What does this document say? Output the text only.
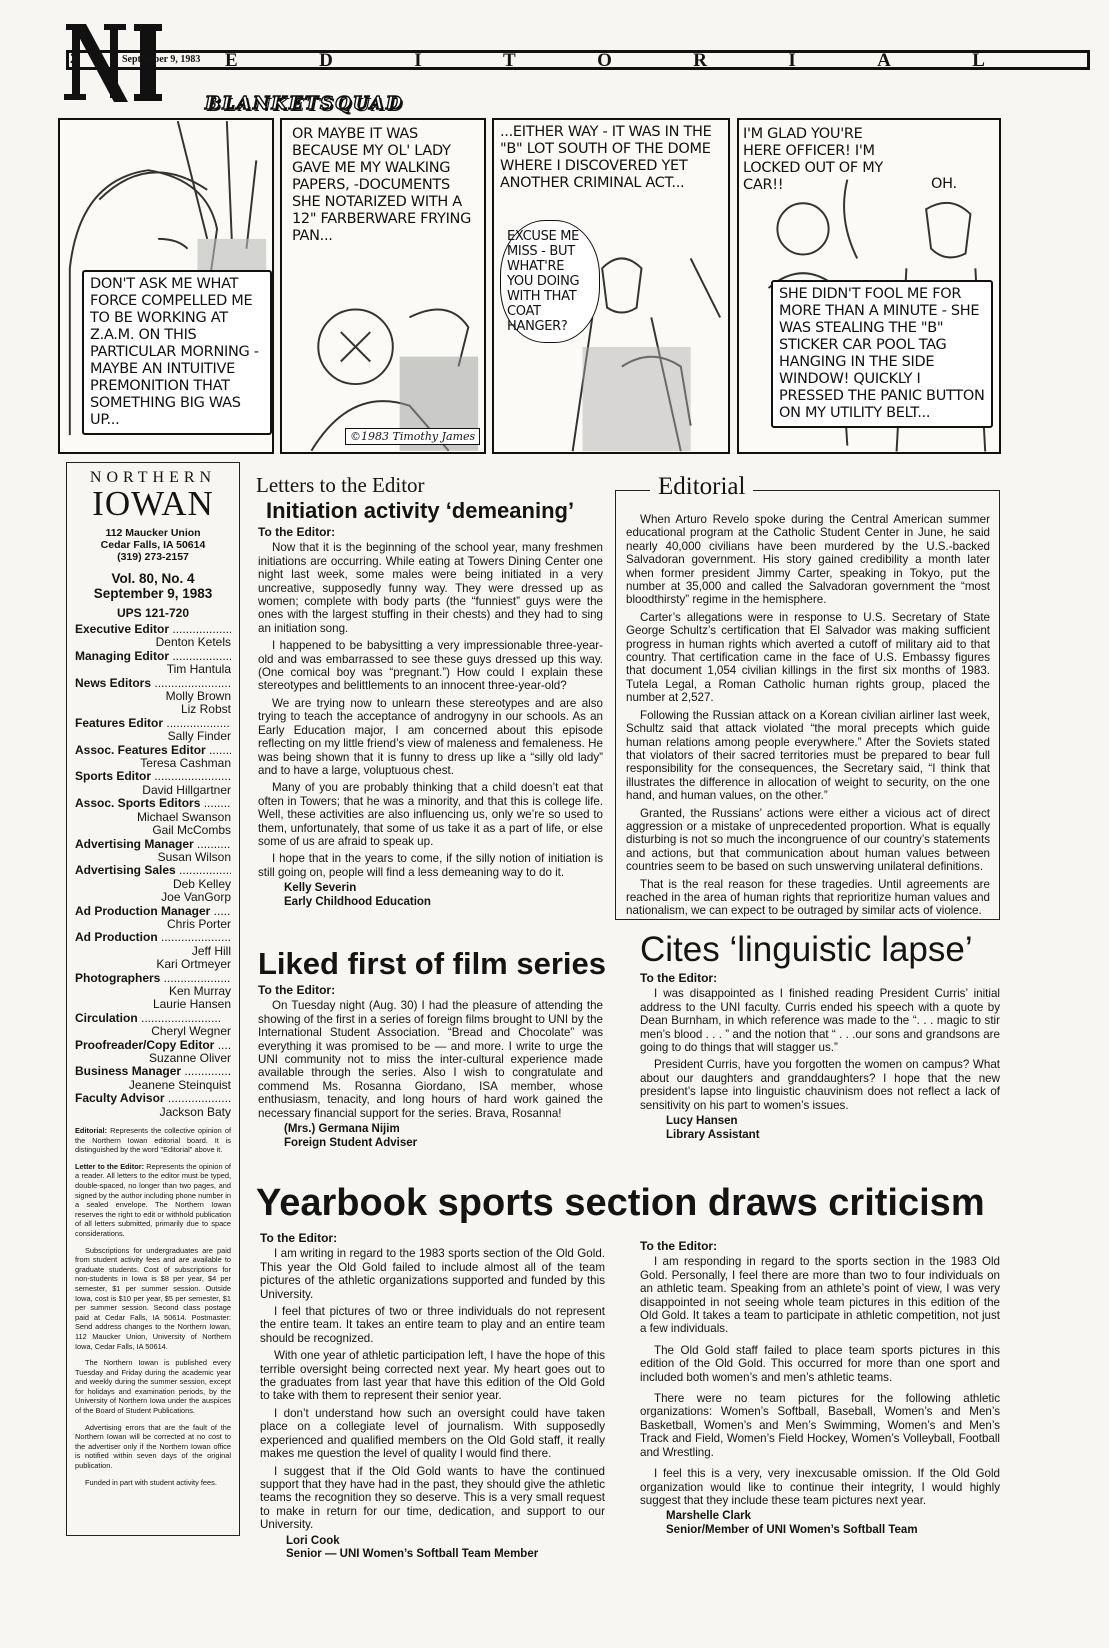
2	September 9, 1983 E	D	I	T	O	R	I	A	L
BLANKETSQUAD
DON'T ASK ME WHAT FORCE COMPELLED ME TO BE WORKING AT Z.A.M. ON THIS PARTICULAR MORNING - MAYBE AN INTUITIVE PREMONITION THAT SOMETHING BIG WAS UP...
OR MAYBE IT WAS BECAUSE MY OL' LADY GAVE ME MY WALKING PAPERS, -DOCUMENTS SHE NOTARIZED WITH A 12" FARBERWARE FRYING PAN...
...EITHER WAY - IT WAS IN THE "B" LOT SOUTH OF THE DOME WHERE I DISCOVERED YET ANOTHER CRIMINAL ACT...
EXCUSE ME MISS - BUT WHAT'RE YOU DOING WITH THAT COAT HANGER?
I'M GLAD YOU'RE HERE OFFICER! I'M LOCKED OUT OF MY CAR!!	OH.
SHE DIDN'T FOOL ME FOR MORE THAN A MINUTE - SHE WAS STEALING THE "B" STICKER CAR POOL TAG HANGING IN THE SIDE WINDOW! QUICKLY I PRESSED THE PANIC BUTTON ON MY UTILITY BELT...
©1983 Timothy James
NORTHERN
IOWAN
112 Maucker Union
Cedar Falls, IA 50614
(319) 273-2157
Vol. 80, No. 4
September 9, 1983
UPS 121-720
Executive Editor .....
Denton Ketels
Managing Editor .....
Tim Hantula
News Editors .....
Molly Brown
Liz Robst
Features Editor .....
Sally Finder
Assoc. Features Editor .....
Teresa Cashman
Sports Editor .....
David Hillgartner
Assoc. Sports Editors .....
Michael Swanson
Gail McCombs
Advertising Manager .....
Susan Wilson
Advertising Sales .....
Deb Kelley
Joe VanGorp
Ad Production Manager .....
Chris Porter
Ad Production .....
Jeff Hill
Kari Ortmeyer
Photographers .....
Ken Murray
Laurie Hansen
Circulation .....
Cheryl Wegner
Proofreader/Copy Editor .....
Suzanne Oliver
Business Manager .....
Jeanene Steinquist
Faculty Advisor .....
Jackson Baty
Editorial: Represents the collective opinion of the Northern Iowan editorial board. It is distinguished by the word "Editorial" above it.
Letter to the Editor: Represents the opinion of a reader. All letters to the editor must be typed, double-spaced, no longer than two pages, and signed by the author including phone number in a sealed envelope. The Northern Iowan reserves the right to edit or withhold publication of all letters submitted, primarily due to space considerations.
Subscriptions for undergraduates are paid from student activity fees and are available to graduate students. Cost of subscriptions for non-students in Iowa is $8 per year, $4 per semester, $1 per summer session. Outside Iowa, cost is $10 per year, $5 per semester, $1 per summer session. Second class postage paid at Cedar Falls, IA 50614. Postmaster: Send address changes to the Northern Iowan, 112 Maucker Union, University of Northern Iowa, Cedar Falls, IA 50614.
The Northern Iowan is published every Tuesday and Friday during the academic year and weekly during the summer session, except for holidays and examination periods, by the University of Northern Iowa under the auspices of the Board of Student Publications.
Advertising errors that are the fault of the Northern Iowan will be corrected at no cost to the advertiser only if the Northern Iowan office is notified within seven days of the original publication.
Funded in part with student activity fees.
Letters to the Editor
Initiation activity ‘demeaning’
To the Editor:

Now that it is the beginning of the school year, many freshmen initiations are occurring. While eating at Towers Dining Center one night last week, some males were being initiated in a very uncreative, supposedly funny way. They were dressed up as women; complete with body parts (the “funniest” guys were the ones with the largest stuffing in their chests) and they had to sing an initiation song.

I happened to be babysitting a very impressionable three-year-old and was embarrassed to see these guys dressed up this way. (One comical boy was “pregnant.”) How could I explain these stereotypes and belittlements to an innocent three-year-old?

We are trying now to unlearn these stereotypes and are also trying to teach the acceptance of androgyny in our schools. As an Early Education major, I am concerned about this episode reflecting on my little friend’s view of maleness and femaleness. He was being shown that it is funny to dress up like a “silly old lady” and to have a large, voluptuous chest.

Many of you are probably thinking that a child doesn’t eat that often in Towers; that he was a minority, and that this is college life. Well, these activities are also influencing us, only we’re so used to them, unfortunately, that some of us take it as a part of life, or else some of us are afraid to speak up.

I hope that in the years to come, if the silly notion of initiation is still going on, people will find a less demeaning way to do it.

Kelly Severin
Early Childhood Education

When Arturo Revelo spoke during the Central American summer educational program at the Catholic Student Center in June, he said nearly 40,000 civilians have been murdered by the U.S.-backed Salvadoran government. His story gained credibility a month later when former president Jimmy Carter, speaking in Tokyo, put the number at 35,000 and called the Salvadoran government the “most bloodthirsty” regime in the hemisphere.

Carter’s allegations were in response to U.S. Secretary of State George Schultz’s certification that El Salvador was making sufficient progress in human rights which averted a cutoff of military aid to that country. That certification came in the face of U.S. Embassy figures that document 1,054 civilian killings in the first six months of 1983. Tutela Legal, a Roman Catholic human rights group, placed the number at 2,527.

Following the Russian attack on a Korean civilian airliner last week, Schultz said that attack violated “the moral precepts which guide human relations among people everywhere.” After the Soviets stated that violators of their sacred territories must be prepared to bear full responsibility for the consequences, the Secretary said, “I think that illustrates the difference in allocation of weight to security, on the one hand, and human values, on the other.”

Granted, the Russians’ actions were either a vicious act of direct aggression or a mistake of unprecedented proportion. What is equally disturbing is not so much the incongruence of our country’s statements and actions, but that communication about human values between countries seem to be based on such unswerving unilateral definitions.

That is the real reason for these tragedies. Until agreements are reached in the area of human rights that reprioritize human values and nationalism, we can expect to be outraged by similar acts of violence.

Editorial
Liked first of film series
To the Editor:

On Tuesday night (Aug. 30) I had the pleasure of attending the showing of the first in a series of foreign films brought to UNI by the International Student Association. “Bread and Chocolate” was everything it was promised to be — and more. I write to urge the UNI community not to miss the inter-cultural experience made available through the series. Also I wish to congratulate and commend Ms. Rosanna Giordano, ISA member, whose enthusiasm, tenacity, and long hours of hard work gained the necessary financial support for the series. Brava, Rosanna!

(Mrs.) Germana Nijim
Foreign Student Adviser
Cites ‘linguistic lapse’
To the Editor:

I was disappointed as I finished reading President Curris’ initial address to the UNI faculty. Curris ended his speech with a quote by Dean Burnham, in which reference was made to the “. . . magic to stir men’s blood . . . ” and the notion that “ . . .our sons and grandsons are going to do things that will stagger us.”

President Curris, have you forgotten the women on campus? What about our daughters and granddaughters? I hope that the new president’s lapse into linguistic chauvinism does not reflect a lack of sensitivity on his part to women’s issues.

Lucy Hansen
Library Assistant
Yearbook sports section draws criticism
To the Editor:

I am writing in regard to the 1983 sports section of the Old Gold. This year the Old Gold failed to include almost all of the team pictures of the athletic organizations supported and funded by this University.

I feel that pictures of two or three individuals do not represent the entire team. It takes an entire team to play and an entire team should be recognized.

With one year of athletic participation left, I have the hope of this terrible oversight being corrected next year. My heart goes out to the graduates from last year that have this edition of the Old Gold to take with them to represent their senior year.

I don’t understand how such an oversight could have taken place on a collegiate level of journalism. With supposedly experienced and qualified members on the Old Gold staff, it really makes me question the level of quality I would find there.

I suggest that if the Old Gold wants to have the continued support that they have had in the past, they should give the athletic teams the recognition they so deserve. This is a very small request to make in return for our time, dedication, and support to our University.

Lori Cook
Senior — UNI Women’s Softball Team Member
To the Editor:

I am responding in regard to the sports section in the 1983 Old Gold. Personally, I feel there are more than two to four individuals on an athletic team. Speaking from an athlete’s point of view, I was very disappointed in not seeing whole team pictures in this edition of the Old Gold. It takes a team to participate in athletic competition, not just a few individuals.

The Old Gold staff failed to place team sports pictures in this edition of the Old Gold. This occurred for more than one sport and included both women’s and men’s athletic teams.

There were no team pictures for the following athletic organizations: Women’s Softball, Baseball, Women’s and Men’s Basketball, Women’s and Men’s Swimming, Women’s and Men’s Track and Field, Women’s Field Hockey, Women’s Volleyball, Football and Wrestling.

I feel this is a very, very inexcusable omission. If the Old Gold organization would like to continue their integrity, I would highly suggest that they include these team pictures next year.

Marshelle Clark
Senior/Member of UNI Women’s Softball Team
